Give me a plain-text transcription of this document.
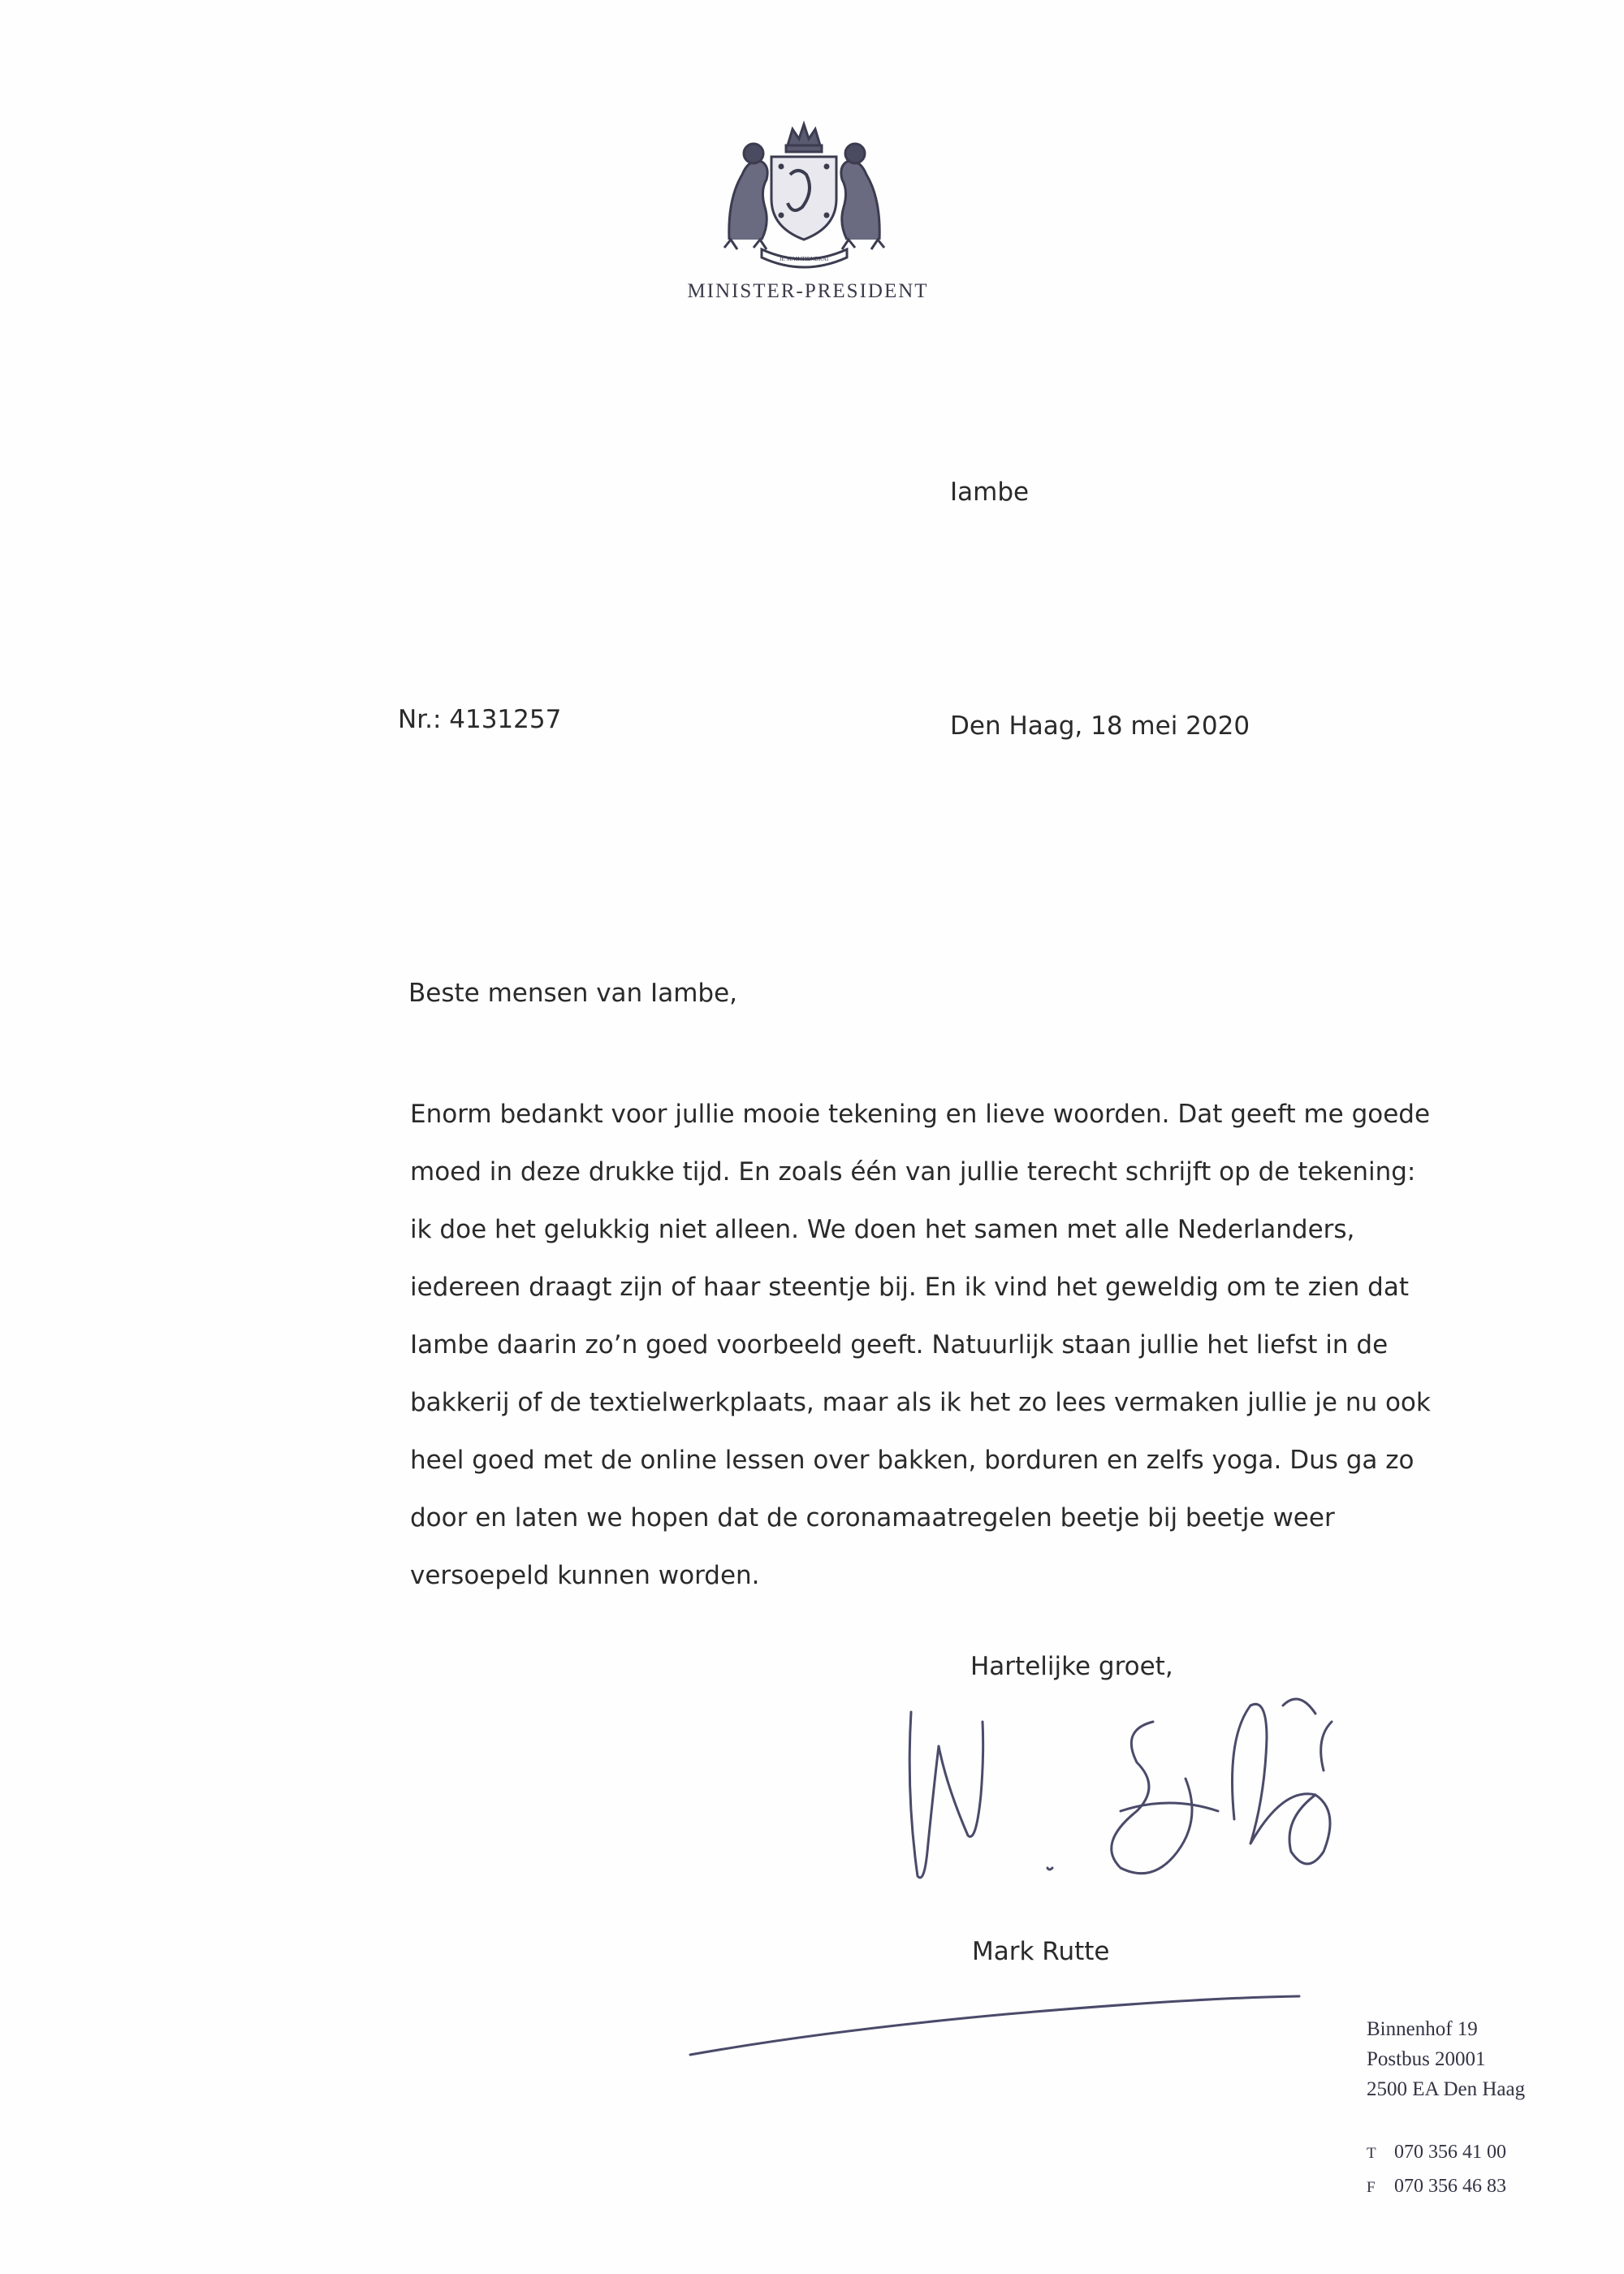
JE MAINTIENDRAI
MINISTER-PRESIDENT
Iambe
Nr.: 4131257	Den Haag, 18 mei 2020
Beste mensen van Iambe,
Enorm bedankt voor jullie mooie tekening en lieve woorden. Dat geeft me goede
moed in deze drukke tijd. En zoals één van jullie terecht schrijft op de tekening:
ik doe het gelukkig niet alleen. We doen het samen met alle Nederlanders,
iedereen draagt zijn of haar steentje bij. En ik vind het geweldig om te zien dat
Iambe daarin zo’n goed voorbeeld geeft. Natuurlijk staan jullie het liefst in de
bakkerij of de textielwerkplaats, maar als ik het zo lees vermaken jullie je nu ook
heel goed met de online lessen over bakken, borduren en zelfs yoga. Dus ga zo
door en laten we hopen dat de coronamaatregelen beetje bij beetje weer
versoepeld kunnen worden.
Hartelijke groet,
Mark Rutte
Binnenhof 19
Postbus 20001
2500 EA Den Haag
T 070 356 41 00
F 070 356 46 83
